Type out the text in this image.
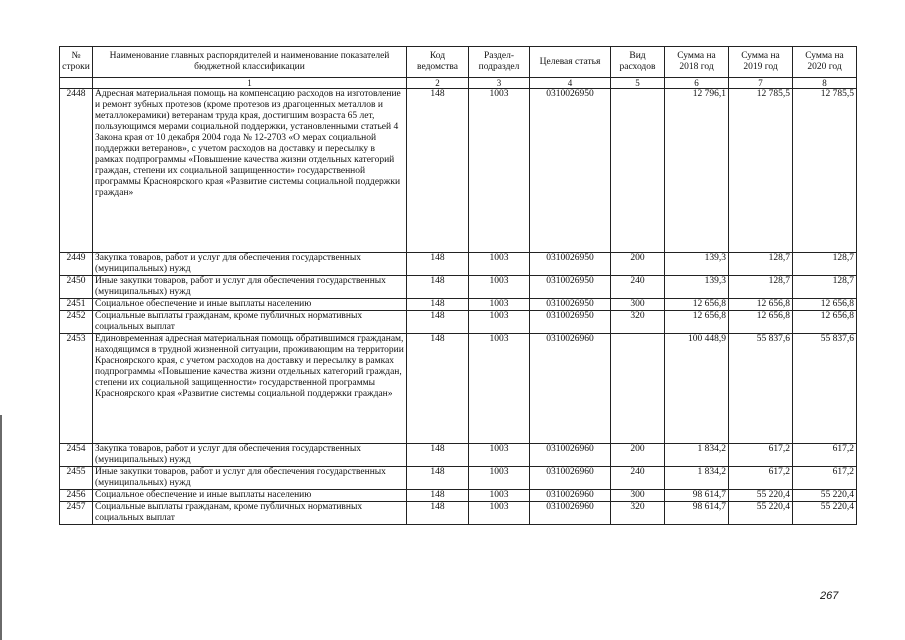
№ строки	Наименование главных распорядителей и наименование показателей бюджетной классификации	Код ведомства	Раздел-подраздел	Целевая статья	Вид расходов	Сумма на 2018 год	Сумма на 2019 год	Сумма на 2020 год
	1	2	3	4	5	6	7	8
2448	Адресная материальная помощь на компенсацию расходов на изготовление и ремонт зубных протезов (кроме протезов из драгоценных металлов и металлокерамики) ветеранам труда края, достигшим возраста 65 лет, пользующимся мерами социальной поддержки, установленными статьей 4 Закона края от 10 декабря 2004 года № 12-2703 «О мерах социальной поддержки ветеранов», с учетом расходов на доставку и пересылку в рамках подпрограммы «Повышение качества жизни отдельных категорий граждан, степени их социальной защищенности» государственной программы Красноярского края «Развитие системы социальной поддержки граждан»	148	1003	0310026950		12 796,1	12 785,5	12 785,5
2449	Закупка товаров, работ и услуг для обеспечения государственных (муниципальных) нужд	148	1003	0310026950	200	139,3	128,7	128,7
2450	Иные закупки товаров, работ и услуг для обеспечения государственных (муниципальных) нужд	148	1003	0310026950	240	139,3	128,7	128,7
2451	Социальное обеспечение и иные выплаты населению	148	1003	0310026950	300	12 656,8	12 656,8	12 656,8
2452	Социальные выплаты гражданам, кроме публичных нормативных социальных выплат	148	1003	0310026950	320	12 656,8	12 656,8	12 656,8
2453	Единовременная адресная материальная помощь обратившимся гражданам, находящимся в трудной жизненной ситуации, проживающим на территории Красноярского края, с учетом расходов на доставку и пересылку в рамках подпрограммы «Повышение качества жизни отдельных категорий граждан, степени их социальной защищенности» государственной программы Красноярского края «Развитие системы социальной поддержки граждан»	148	1003	0310026960		100 448,9	55 837,6	55 837,6
2454	Закупка товаров, работ и услуг для обеспечения государственных (муниципальных) нужд	148	1003	0310026960	200	1 834,2	617,2	617,2
2455	Иные закупки товаров, работ и услуг для обеспечения государственных (муниципальных) нужд	148	1003	0310026960	240	1 834,2	617,2	617,2
2456	Социальное обеспечение и иные выплаты населению	148	1003	0310026960	300	98 614,7	55 220,4	55 220,4
2457	Социальные выплаты гражданам, кроме публичных нормативных социальных выплат	148	1003	0310026960	320	98 614,7	55 220,4	55 220,4
267
